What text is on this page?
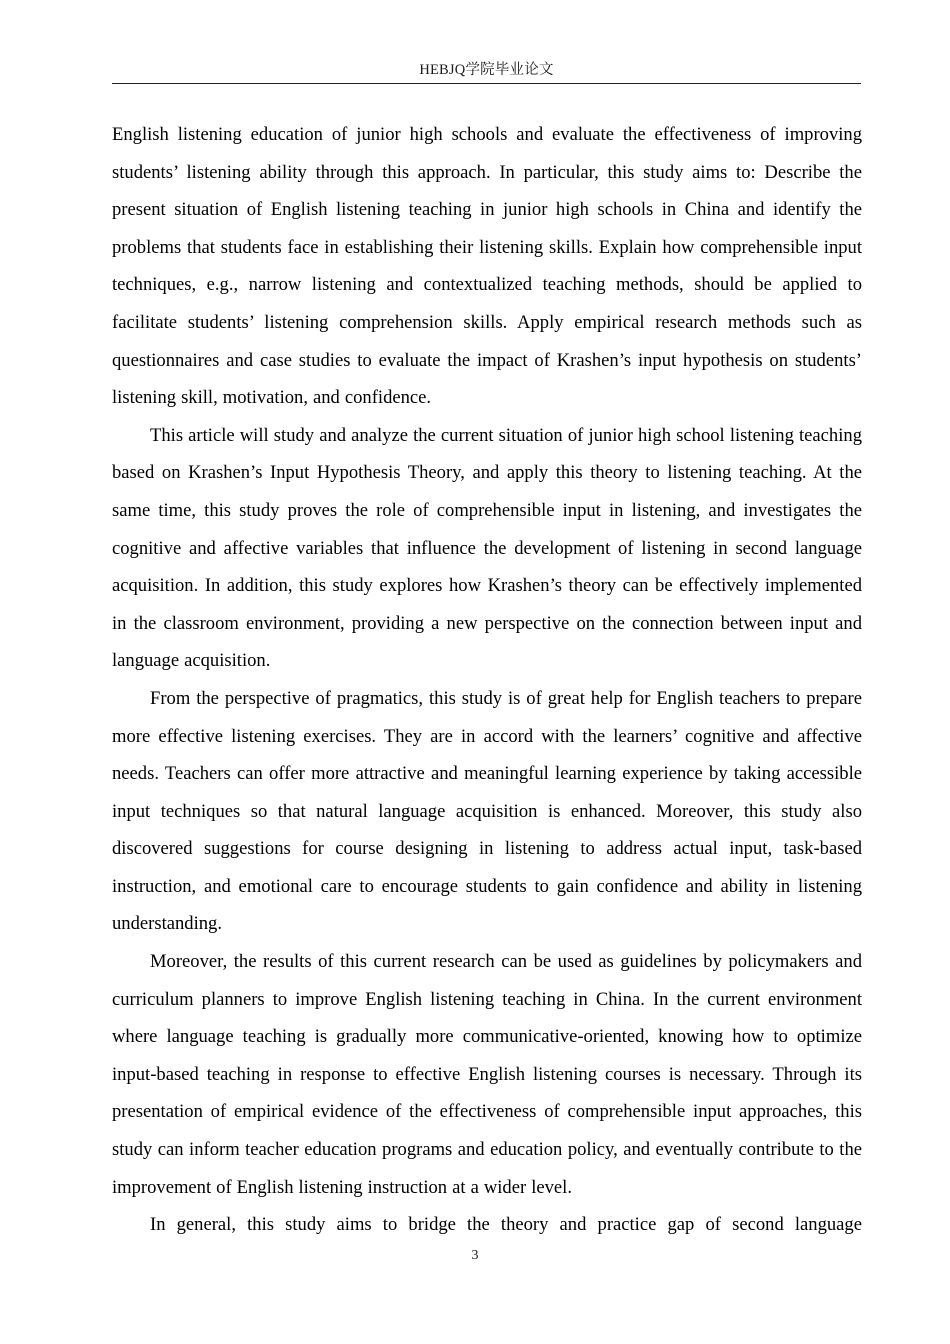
HEBJQ学院毕业论文

English listening education of junior high schools and evaluate the effectiveness of improving students’ listening ability through this approach. In particular, this study aims to: Describe the present situation of English listening teaching in junior high schools in China and identify the problems that students face in establishing their listening skills. Explain how comprehensible input techniques, e.g., narrow listening and contextualized teaching methods, should be applied to facilitate students’ listening comprehension skills. Apply empirical research methods such as questionnaires and case studies to evaluate the impact of Krashen’s input hypothesis on students’ listening skill, motivation, and confidence.

This article will study and analyze the current situation of junior high school listening teaching based on Krashen’s Input Hypothesis Theory, and apply this theory to listening teaching. At the same time, this study proves the role of comprehensible input in listening, and investigates the cognitive and affective variables that influence the development of listening in second language acquisition. In addition, this study explores how Krashen’s theory can be effectively implemented in the classroom environment, providing a new perspective on the connection between input and language acquisition.

From the perspective of pragmatics, this study is of great help for English teachers to prepare more effective listening exercises. They are in accord with the learners’ cognitive and affective needs. Teachers can offer more attractive and meaningful learning experience by taking accessible input techniques so that natural language acquisition is enhanced. Moreover, this study also discovered suggestions for course designing in listening to address actual input, task-based instruction, and emotional care to encourage students to gain confidence and ability in listening understanding.

Moreover, the results of this current research can be used as guidelines by policymakers and curriculum planners to improve English listening teaching in China. In the current environment where language teaching is gradually more communicative-oriented, knowing how to optimize input-based teaching in response to effective English listening courses is necessary. Through its presentation of empirical evidence of the effectiveness of comprehensible input approaches, this study can inform teacher education programs and education policy, and eventually contribute to the improvement of English listening instruction at a wider level.

In general, this study aims to bridge the theory and practice gap of second language

3
